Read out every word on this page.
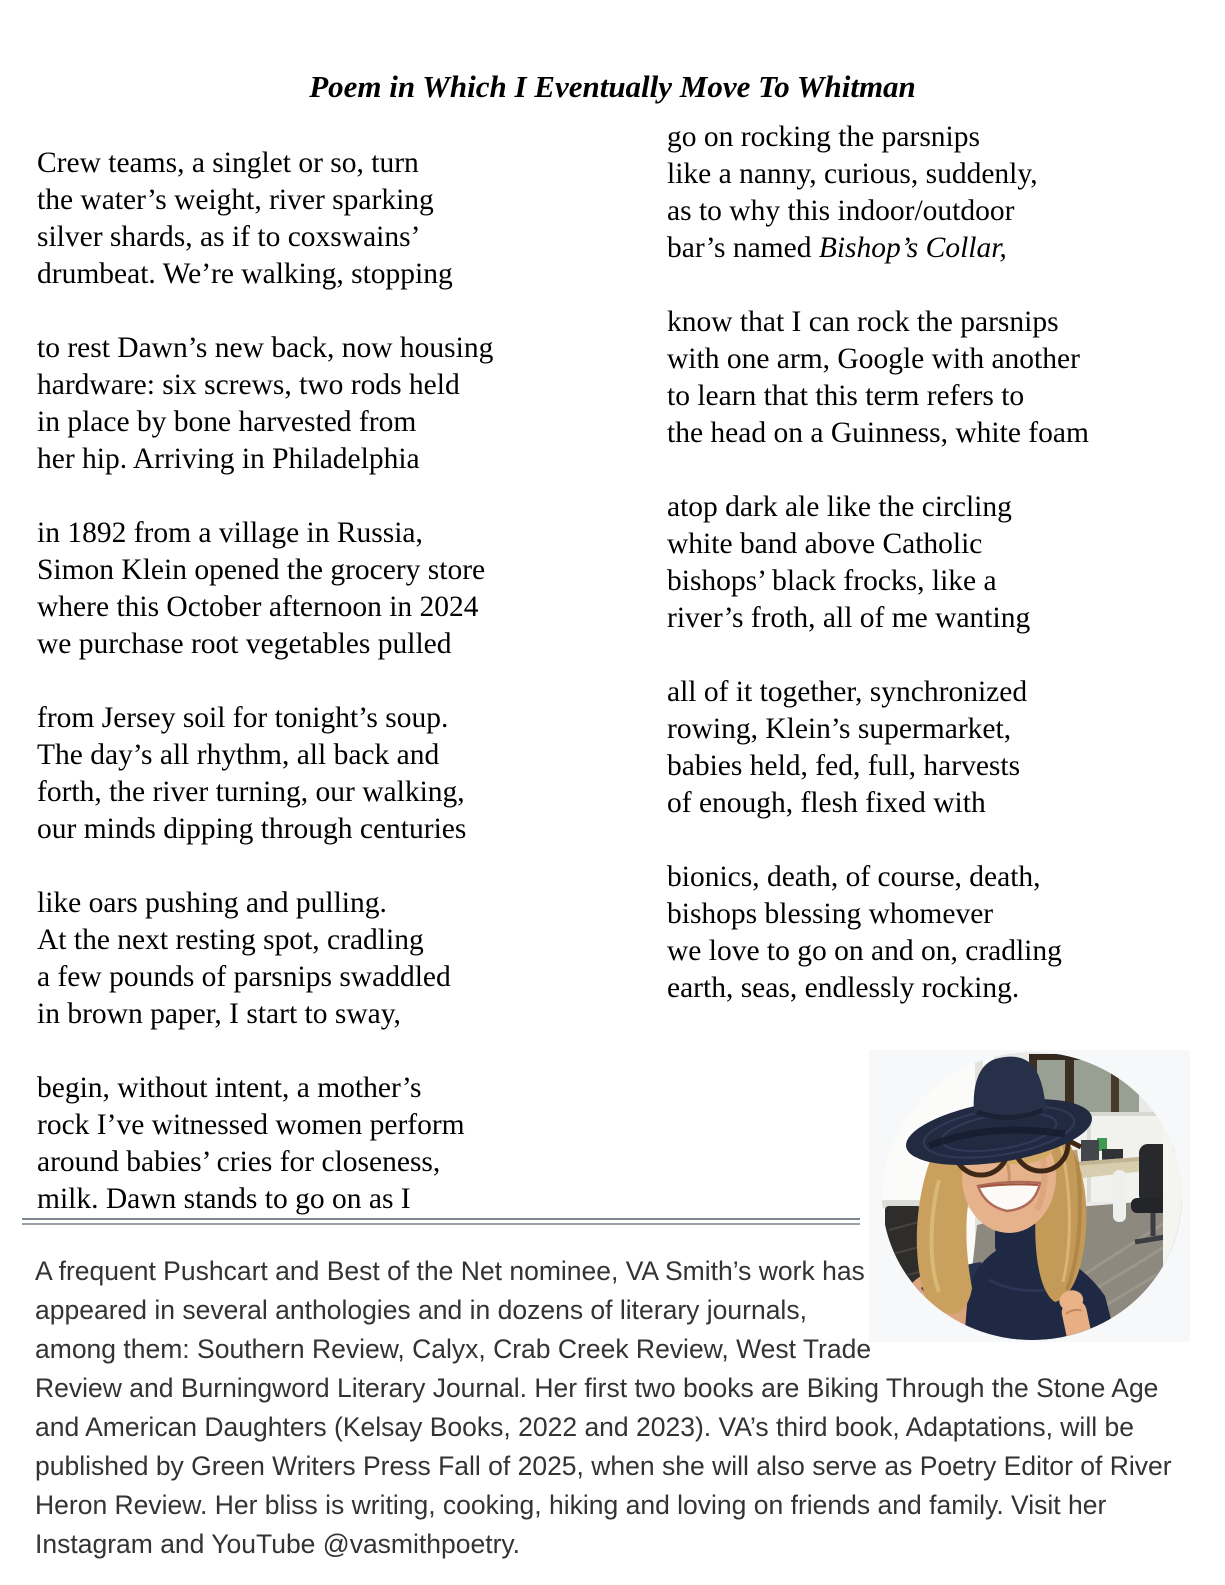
Poem in Which I Eventually Move To Whitman
Crew teams, a singlet or so, turn
the water’s weight, river sparking
silver shards, as if to coxswains’
drumbeat. We’re walking, stopping
to rest Dawn’s new back, now housing
hardware: six screws, two rods held
in place by bone harvested from
her hip. Arriving in Philadelphia
in 1892 from a village in Russia,
Simon Klein opened the grocery store
where this October afternoon in 2024
we purchase root vegetables pulled
from Jersey soil for tonight’s soup.
The day’s all rhythm, all back and
forth, the river turning, our walking,
our minds dipping through centuries
like oars pushing and pulling.
At the next resting spot, cradling
a few pounds of parsnips swaddled
in brown paper, I start to sway,
begin, without intent, a mother’s
rock I’ve witnessed women perform
around babies’ cries for closeness,
milk. Dawn stands to go on as I
go on rocking the parsnips
like a nanny, curious, suddenly,
as to why this indoor/outdoor
bar’s named Bishop’s Collar,
know that I can rock the parsnips
with one arm, Google with another
to learn that this term refers to
the head on a Guinness, white foam
atop dark ale like the circling
white band above Catholic
bishops’ black frocks, like a
river’s froth, all of me wanting
all of it together, synchronized
rowing, Klein’s supermarket,
babies held, fed, full, harvests
of enough, flesh fixed with
bionics, death, of course, death,
bishops blessing whomever
we love to go on and on, cradling
earth, seas, endlessly rocking.
A frequent Pushcart and Best of the Net nominee, VA Smith’s work has
appeared in several anthologies and in dozens of literary journals,
among them: Southern Review, Calyx, Crab Creek Review, West Trade
Review and Burningword Literary Journal. Her first two books are Biking Through the Stone Age
and American Daughters (Kelsay Books, 2022 and 2023). VA’s third book, Adaptations, will be
published by Green Writers Press Fall of 2025, when she will also serve as Poetry Editor of River
Heron Review. Her bliss is writing, cooking, hiking and loving on friends and family. Visit her
Instagram and YouTube @vasmithpoetry.
